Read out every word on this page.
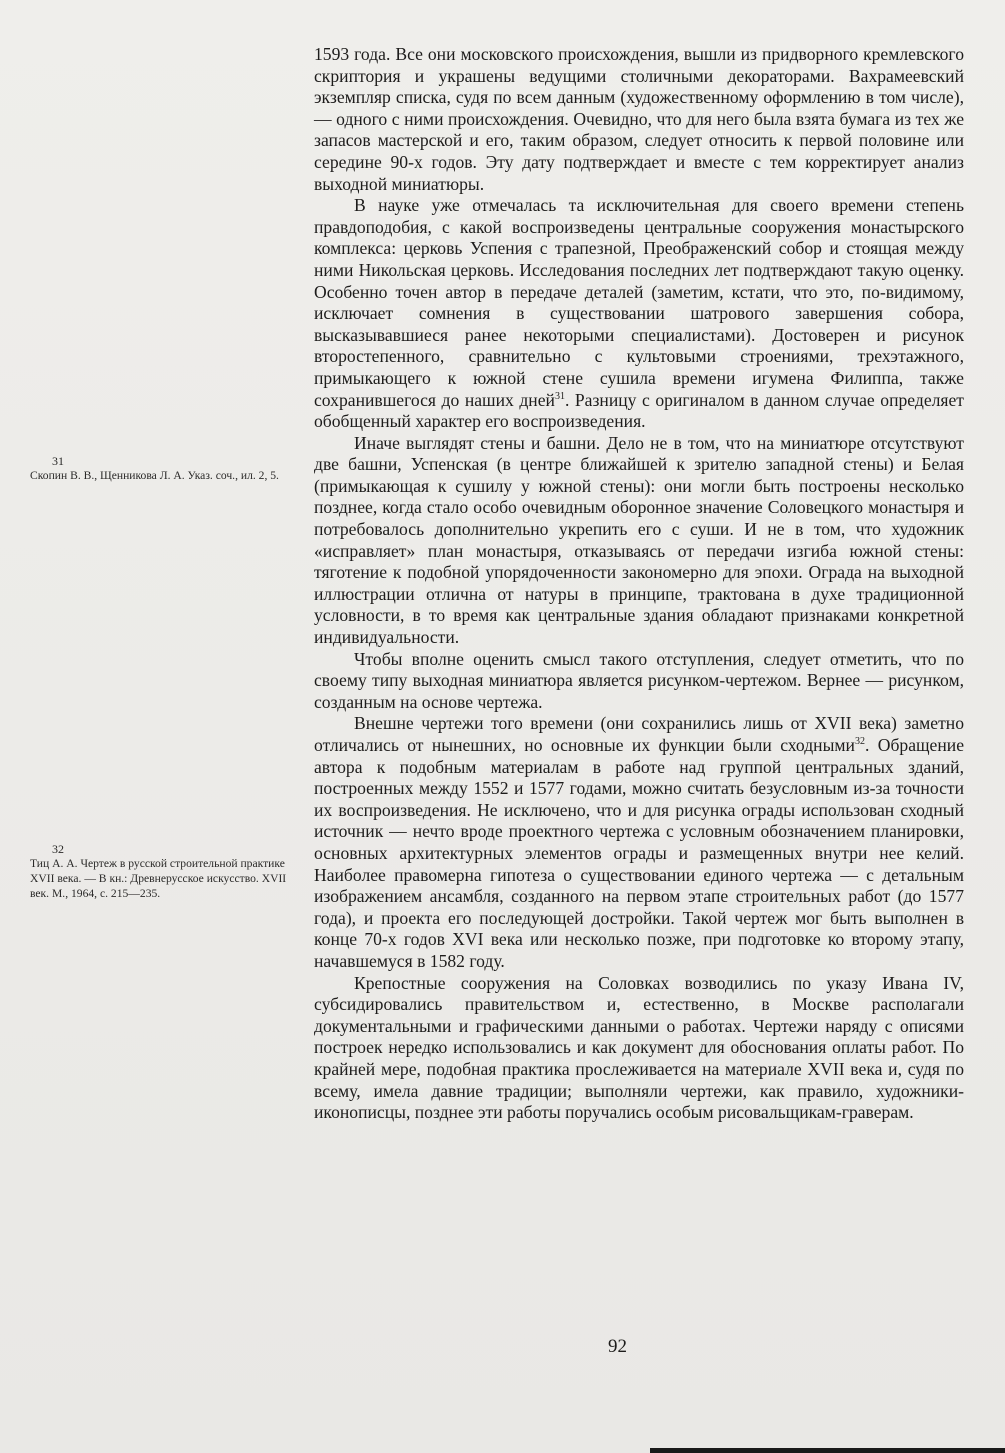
1593 года. Все они московского происхождения, вышли из придворного кремлевского скриптория и украшены ведущими столичными декораторами. Вахрамеевский экземпляр списка, судя по всем данным (художественному оформлению в том числе), — одного с ними происхождения. Очевидно, что для него была взята бумага из тех же запасов мастерской и его, таким образом, следует относить к первой половине или середине 90-х годов. Эту дату подтверждает и вместе с тем корректирует анализ выходной миниатюры.

В науке уже отмечалась та исключительная для своего времени степень правдоподобия, с какой воспроизведены центральные сооружения монастырского комплекса: церковь Успения с трапезной, Преображенский собор и стоящая между ними Никольская церковь. Исследования последних лет подтверждают такую оценку. Особенно точен автор в передаче деталей (заметим, кстати, что это, по-видимому, исключает сомнения в существовании шатрового завершения собора, высказывавшиеся ранее некоторыми специалистами). Достоверен и рисунок второстепенного, сравнительно с культовыми строениями, трехэтажного, примыкающего к южной стене сушила времени игумена Филиппа, также сохранившегося до наших дней$^{31}$. Разницу с оригиналом в данном случае определяет обобщенный характер его воспроизведения.

Иначе выглядят стены и башни. Дело не в том, что на миниатюре отсутствуют две башни, Успенская (в центре ближайшей к зрителю западной стены) и Белая (примыкающая к сушилу у южной стены): они могли быть построены несколько позднее, когда стало особо очевидным оборонное значение Соловецкого монастыря и потребовалось дополнительно укрепить его с суши. И не в том, что художник «исправляет» план монастыря, отказываясь от передачи изгиба южной стены: тяготение к подобной упорядоченности закономерно для эпохи. Ограда на выходной иллюстрации отлична от натуры в принципе, трактована в духе традиционной условности, в то время как центральные здания обладают признаками конкретной индивидуальности.

Чтобы вполне оценить смысл такого отступления, следует отметить, что по своему типу выходная миниатюра является рисунком-чертежом. Вернее — рисунком, созданным на основе чертежа.

Внешне чертежи того времени (они сохранились лишь от XVII века) заметно отличались от нынешних, но основные их функции были сходными$^{32}$. Обращение автора к подобным материалам в работе над группой центральных зданий, построенных между 1552 и 1577 годами, можно считать безусловным из-за точности их воспроизведения. Не исключено, что и для рисунка ограды использован сходный источник — нечто вроде проектного чертежа с условным обозначением планировки, основных архитектурных элементов ограды и размещенных внутри нее келий. Наиболее правомерна гипотеза о существовании единого чертежа — с детальным изображением ансамбля, созданного на первом этапе строительных работ (до 1577 года), и проекта его последующей достройки. Такой чертеж мог быть выполнен в конце 70-х годов XVI века или несколько позже, при подготовке ко второму этапу, начавшемуся в 1582 году.

Крепостные сооружения на Соловках возводились по указу Ивана IV, субсидировались правительством и, естественно, в Москве располагали документальными и графическими данными о работах. Чертежи наряду с описями построек нередко использовались и как документ для обоснования оплаты работ. По крайней мере, подобная практика прослеживается на материале XVII века и, судя по всему, имела давние традиции; выполняли чертежи, как правило, художники-иконописцы, позднее эти работы поручались особым рисовальщикам-граверам.

31
Скопин В. В., Щенникова Л. А. Указ. соч., ил. 2, 5.
32
Тиц А. А. Чертеж в русской строительной практике XVII века. — В кн.: Древнерусское искусство. XVII век. М., 1964, с. 215—235.
92
